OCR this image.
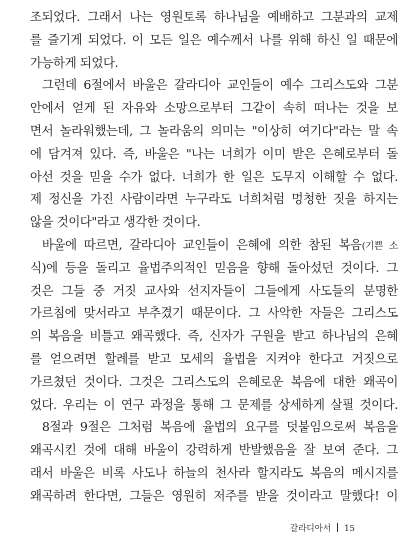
조되었다. 그래서 나는 영원토록 하나님을 예배하고 그분과의 교제
를 즐기게 되었다. 이 모든 일은 예수께서 나를 위해 하신 일 때문에
가능하게 되었다.
그런데 6절에서 바울은 갈라디아 교인들이 예수 그리스도와 그분
안에서 얻게 된 자유와 소망으로부터 그같이 속히 떠나는 것을 보
면서 놀라워했는데, 그 놀라움의 의미는 "이상히 여기다"라는 말 속
에 담겨져 있다. 즉, 바울은 "나는 너희가 이미 받은 은혜로부터 돌
아선 것을 믿을 수가 없다. 너희가 한 일은 도무지 이해할 수 없다.
제 정신을 가진 사람이라면 누구라도 너희처럼 멍청한 짓을 하지는
않을 것이다"라고 생각한 것이다.
바울에 따르면, 갈라디아 교인들이 은혜에 의한 참된 복음(기쁜 소
식)에 등을 돌리고 율법주의적인 믿음을 향해 돌아섰던 것이다. 그
것은 그들 중 거짓 교사와 선지자들이 그들에게 사도들의 분명한
가르침에 맞서라고 부추겼기 때문이다. 그 사악한 자들은 그리스도
의 복음을 비틀고 왜곡했다. 즉, 신자가 구원을 받고 하나님의 은혜
를 얻으려면 할례를 받고 모세의 율법을 지켜야 한다고 거짓으로
가르쳤던 것이다. 그것은 그리스도의 은혜로운 복음에 대한 왜곡이
었다. 우리는 이 연구 과정을 통해 그 문제를 상세하게 살필 것이다.
8절과 9절은 그처럼 복음에 율법의 요구를 덧붙임으로써 복음을
왜곡시킨 것에 대해 바울이 강력하게 반발했음을 잘 보여 준다. 그
래서 바울은 비록 사도나 하늘의 천사라 할지라도 복음의 메시지를
왜곡하려 한다면, 그들은 영원히 저주를 받을 것이라고 말했다! 이
갈라디아서 15
